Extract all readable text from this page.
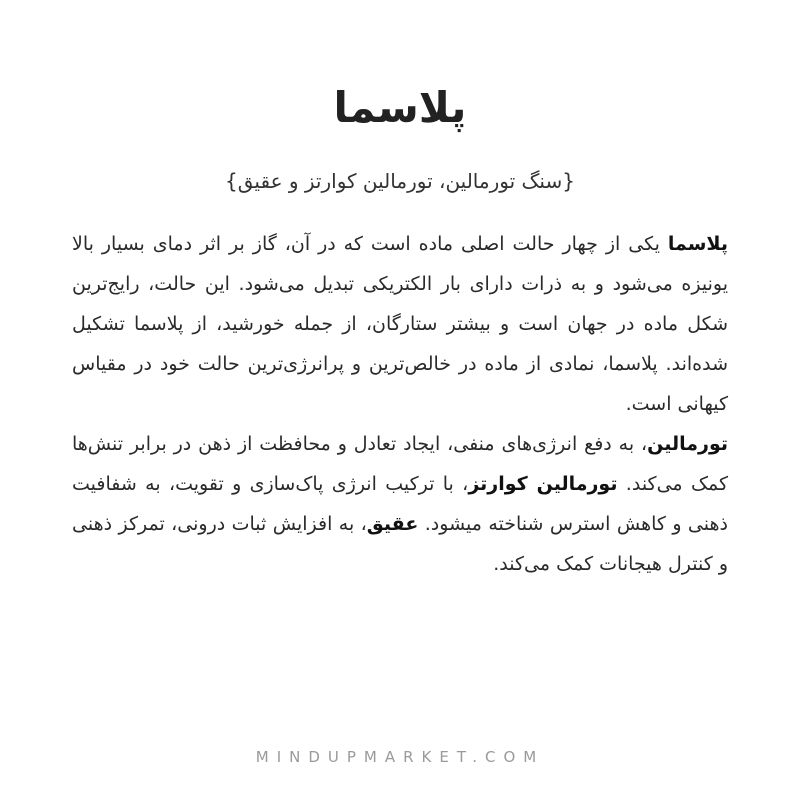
پلاسما
{سنگ تورمالین، تورمالین کوارتز و عقیق}

پلاسما یکی از چهار حالت اصلی ماده است که در آن، گاز بر اثر دمای بسیار بالا یونیزه می‌شود و به ذرات دارای بار الکتریکی تبدیل می‌شود. این حالت، رایج‌ترین شکل ماده در جهان است و بیشتر ستارگان، از جمله خورشید، از پلاسما تشکیل شده‌اند. پلاسما، نمادی از ماده در خالص‌ترین و پرانرژی‌ترین حالت خود در مقیاس کیهانی است.

تورمالین، به دفع انرژی‌های منفی، ایجاد تعادل و محافظت از ذهن در برابر تنش‌ها کمک می‌کند. تورمالین کوارتز، با ترکیب انرژی پاک‌سازی و تقویت، به شفافیت ذهنی و کاهش استرس شناخته میشود. عقیق، به افزایش ثبات درونی، تمرکز ذهنی و کنترل هیجانات کمک می‌کند.

MINDUPMARKET.COM
